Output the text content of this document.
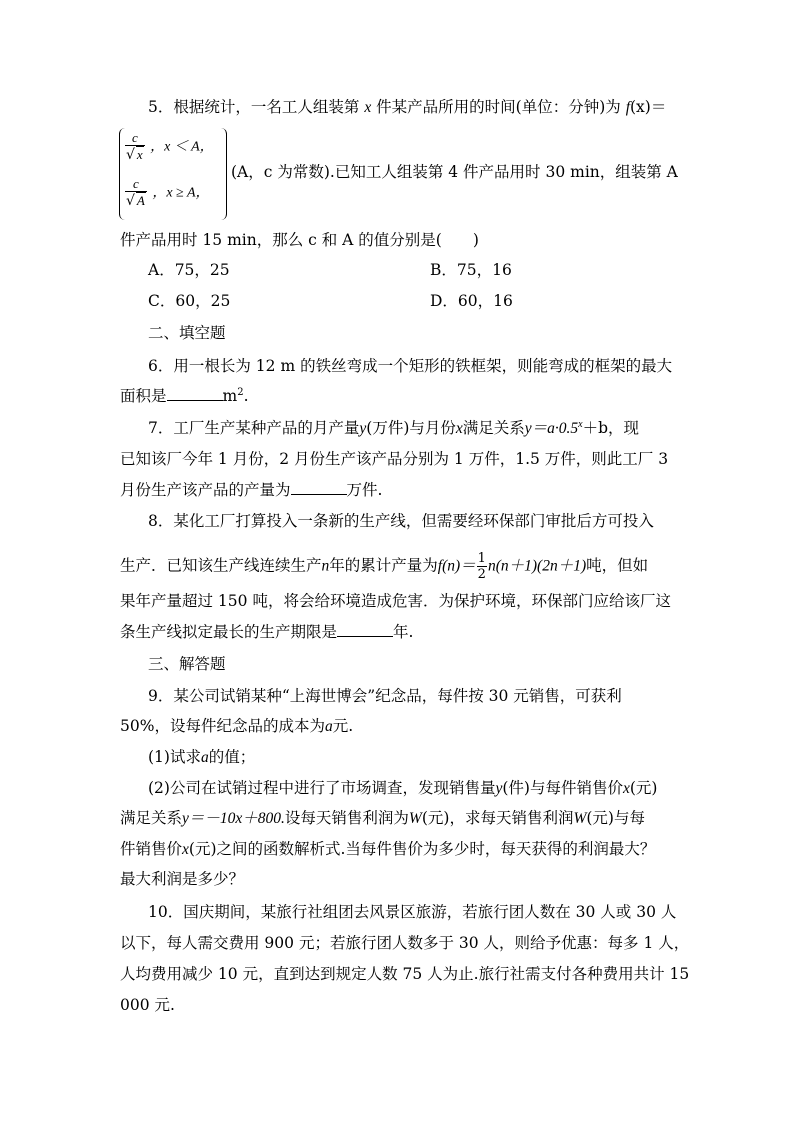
5．根据统计，一名工人组装第 x 件某产品所用的时间(单位：分钟)为 f(x)＝
$\frac{c}{√ x}$ ，x ＜ A，
$\frac{c}{√ A}$ ，x ≥ A，
(A，c 为常数).已知工人组装第 4 件产品用时 30 min，组装第 A
件产品用时 15 min，那么 c 和 A 的值分别是(　　)
A．75，25	B．75，16
C．60，25	D．60，16
二、填空题
6．用一根长为 12 m 的铁丝弯成一个矩形的铁框架，则能弯成的框架的最大
面积是	$m^2$.
7．工厂生产某种产品的月产量y(万件)与月份x满足关系$y=a\cdot 0.5^x+b$，现
已知该厂今年 1 月份，2 月份生产该产品分别为 1 万件，1.5 万件，则此工厂 3
月份生产该产品的产量为	万件.
8．某化工厂打算投入一条新的生产线，但需要经环保部门审批后方可投入
生产．已知该生产线连续生产n年的累计产量为$f(n)= \frac{1}{2} n(n+1)(2n+1)$吨，但如
果年产量超过 150 吨，将会给环境造成危害．为保护环境，环保部门应给该厂这
条生产线拟定最长的生产期限是	年.
三、解答题
9．某公司试销某种“上海世博会”纪念品，每件按 30 元销售，可获利
50%，设每件纪念品的成本为a元.
(1)试求a的值；
(2)公司在试销过程中进行了市场调查，发现销售量y(件)与每件销售价x(元)
满足关系y＝－10x＋800.设每天销售利润为W(元)，求每天销售利润W(元)与每
件销售价x(元)之间的函数解析式.当每件售价为多少时，每天获得的利润最大？
最大利润是多少？
10．国庆期间，某旅行社组团去风景区旅游，若旅行团人数在 30 人或 30 人
以下，每人需交费用 900 元；若旅行团人数多于 30 人，则给予优惠：每多 1 人，
人均费用减少 10 元，直到达到规定人数 75 人为止.旅行社需支付各种费用共计 15
000 元.
